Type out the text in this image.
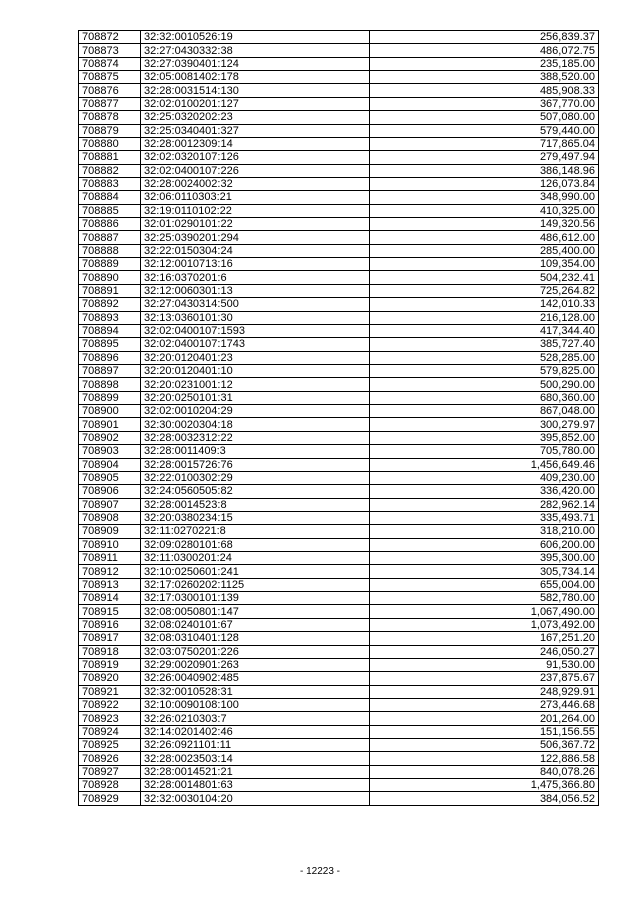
708872	32:32:0010526:19	256,839.37
708873	32:27:0430332:38	486,072.75
708874	32:27:0390401:124	235,185.00
708875	32:05:0081402:178	388,520.00
708876	32:28:0031514:130	485,908.33
708877	32:02:0100201:127	367,770.00
708878	32:25:0320202:23	507,080.00
708879	32:25:0340401:327	579,440.00
708880	32:28:0012309:14	717,865.04
708881	32:02:0320107:126	279,497.94
708882	32:02:0400107:226	386,148.96
708883	32:28:0024002:32	126,073.84
708884	32:06:0110303:21	348,990.00
708885	32:19:0110102:22	410,325.00
708886	32:01:0290101:22	149,320.56
708887	32:25:0390201:294	486,612.00
708888	32:22:0150304:24	285,400.00
708889	32:12:0010713:16	109,354.00
708890	32:16:0370201:6	504,232.41
708891	32:12:0060301:13	725,264.82
708892	32:27:0430314:500	142,010.33
708893	32:13:0360101:30	216,128.00
708894	32:02:0400107:1593	417,344.40
708895	32:02:0400107:1743	385,727.40
708896	32:20:0120401:23	528,285.00
708897	32:20:0120401:10	579,825.00
708898	32:20:0231001:12	500,290.00
708899	32:20:0250101:31	680,360.00
708900	32:02:0010204:29	867,048.00
708901	32:30:0020304:18	300,279.97
708902	32:28:0032312:22	395,852.00
708903	32:28:0011409:3	705,780.00
708904	32:28:0015726:76	1,456,649.46
708905	32:22:0100302:29	409,230.00
708906	32:24:0560505:82	336,420.00
708907	32:28:0014523:8	282,962.14
708908	32:20:0380234:15	335,493.71
708909	32:11:0270221:8	318,210.00
708910	32:09:0280101:68	606,200.00
708911	32:11:0300201:24	395,300.00
708912	32:10:0250601:241	305,734.14
708913	32:17:0260202:1125	655,004.00
708914	32:17:0300101:139	582,780.00
708915	32:08:0050801:147	1,067,490.00
708916	32:08:0240101:67	1,073,492.00
708917	32:08:0310401:128	167,251.20
708918	32:03:0750201:226	246,050.27
708919	32:29:0020901:263	91,530.00
708920	32:26:0040902:485	237,875.67
708921	32:32:0010528:31	248,929.91
708922	32:10:0090108:100	273,446.68
708923	32:26:0210303:7	201,264.00
708924	32:14:0201402:46	151,156.55
708925	32:26:0921101:11	506,367.72
708926	32:28:0023503:14	122,886.58
708927	32:28:0014521:21	840,078.26
708928	32:28:0014801:63	1,475,366.80
708929	32:32:0030104:20	384,056.52
- 12223 -
